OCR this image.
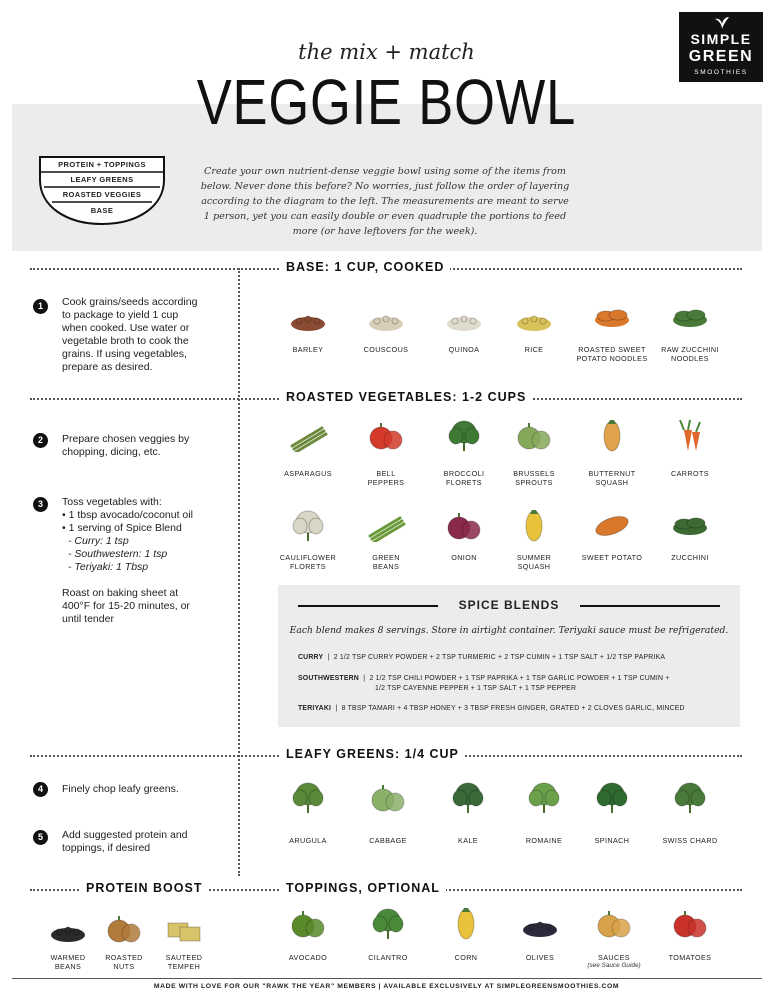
SIMPLE
GREEN
SMOOTHIES
the mix + match
VEGGIE BOWL
PROTEIN + TOPPINGS
LEAFY GREENS
ROASTED VEGGIES
BASE
Create your own nutrient-dense veggie bowl using some of the items from below. Never done this before? No worries, just follow the order of layering according to the diagram to the left. The measurements are meant to serve 1 person, yet you can easily double or even quadruple the portions to feed more (or have leftovers for the week).
BASE: 1 CUP, COOKED
ROASTED VEGETABLES: 1-2 CUPS
LEAFY GREENS: 1/4 CUP
PROTEIN BOOST	TOPPINGS, OPTIONAL
1	Cook grains/seeds according
to package to yield 1 cup
when cooked. Use water or
vegetable broth to cook the
grains. If using vegetables,
prepare as desired.
2	Prepare chosen veggies by
chopping, dicing, etc.
3	Toss vegetables with:
• 1 tbsp avocado/coconut oil
• 1 serving of Spice Blend
- Curry: 1 tsp
- Southwestern: 1 tsp
- Teriyaki: 1 Tbsp
Roast on baking sheet at
400°F for 15-20 minutes, or
until tender
4	Finely chop leafy greens.
5	Add suggested protein and
toppings, if desired
BARLEY	COUSCOUS	QUINOA	RICE	ROASTED SWEET
POTATO NOODLES
RAW ZUCCHINI
NOODLES
ASPARAGUS	BELL
PEPPERS
BROCCOLI
FLORETS
BRUSSELS
SPROUTS
BUTTERNUT
SQUASH
CARROTS
CAULIFLOWER
FLORETS
GREEN
BEANS
ONION	SUMMER
SQUASH
SWEET POTATO	ZUCCHINI
ARUGULA	CABBAGE	KALE	ROMAINE	SPINACH	SWISS CHARD
WARMED
BEANS
ROASTED
NUTS
SAUTEED
TEMPEH
AVOCADO	CILANTRO	CORN	OLIVES	SAUCES
(see Sauce Guide)
TOMATOES
SPICE BLENDS
Each blend makes 8 servings. Store in airtight container. Teriyaki sauce must be refrigerated.
CURRY  |  2 1/2 TSP CURRY POWDER + 2 TSP TURMERIC + 2 TSP CUMIN + 1 TSP SALT + 1/2 TSP PAPRIKA
SOUTHWESTERN  |  2 1/2 TSP CHILI POWDER + 1 TSP PAPRIKA + 1 TSP GARLIC POWDER + 1 TSP CUMIN +
1/2 TSP CAYENNE PEPPER + 1 TSP SALT + 1 TSP PEPPER
TERIYAKI  |  8 TBSP TAMARI + 4 TBSP HONEY + 3 TBSP FRESH GINGER, GRATED + 2 CLOVES GARLIC, MINCED
MADE WITH LOVE FOR OUR "RAWK THE YEAR" MEMBERS | AVAILABLE EXCLUSIVELY AT SIMPLEGREENSMOOTHIES.COM
